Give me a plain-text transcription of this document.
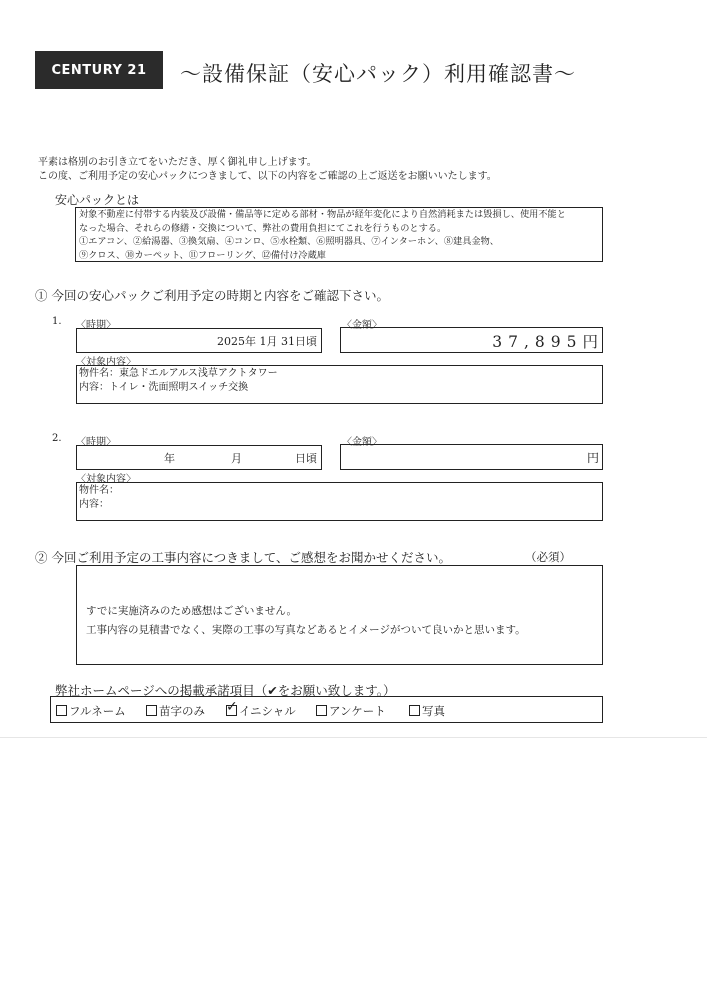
CENTURY 21	〜設備保証（安心パック）利用確認書〜
平素は格別のお引き立てをいただき、厚く御礼申し上げます。
この度、ご利用予定の安心パックにつきまして、以下の内容をご確認の上ご返送をお願いいたします。
安心パックとは
対象不動産に付帯する内装及び設備・備品等に定める部材・物品が経年変化により自然消耗または毀損し、使用不能と
なった場合、それらの修繕・交換について、弊社の費用負担にてこれを行うものとする。
①エアコン、②給湯器、③換気扇、④コンロ、⑤水栓類、⑥照明器具、⑦インターホン、⑧建具金物、
⑨クロス、⑩カーペット、⑪フローリング、⑫備付け冷蔵庫
① 今回の安心パックご利用予定の時期と内容をご確認下さい。
1. 〈時期〉	〈金額〉
2025年 1月 31日頃	37,895円
〈対象内容〉
物件名：東急ドエルアルス浅草アクトタワー
内容：トイレ・洗面照明スイッチ交換
2. 〈時期〉	〈金額〉
年	月	日頃	円
〈対象内容〉
物件名：
内容：
② 今回ご利用予定の工事内容につきまして、ご感想をお聞かせください。	（必須）
すでに実施済みのため感想はございません。
工事内容の見積書でなく、実際の工事の写真などあるとイメージがついて良いかと思います。
弊社ホームページへの掲載承諾項目（✔をお願い致します。）
フルネーム	苗字のみ ✓ イニシャル	アンケート	写真
